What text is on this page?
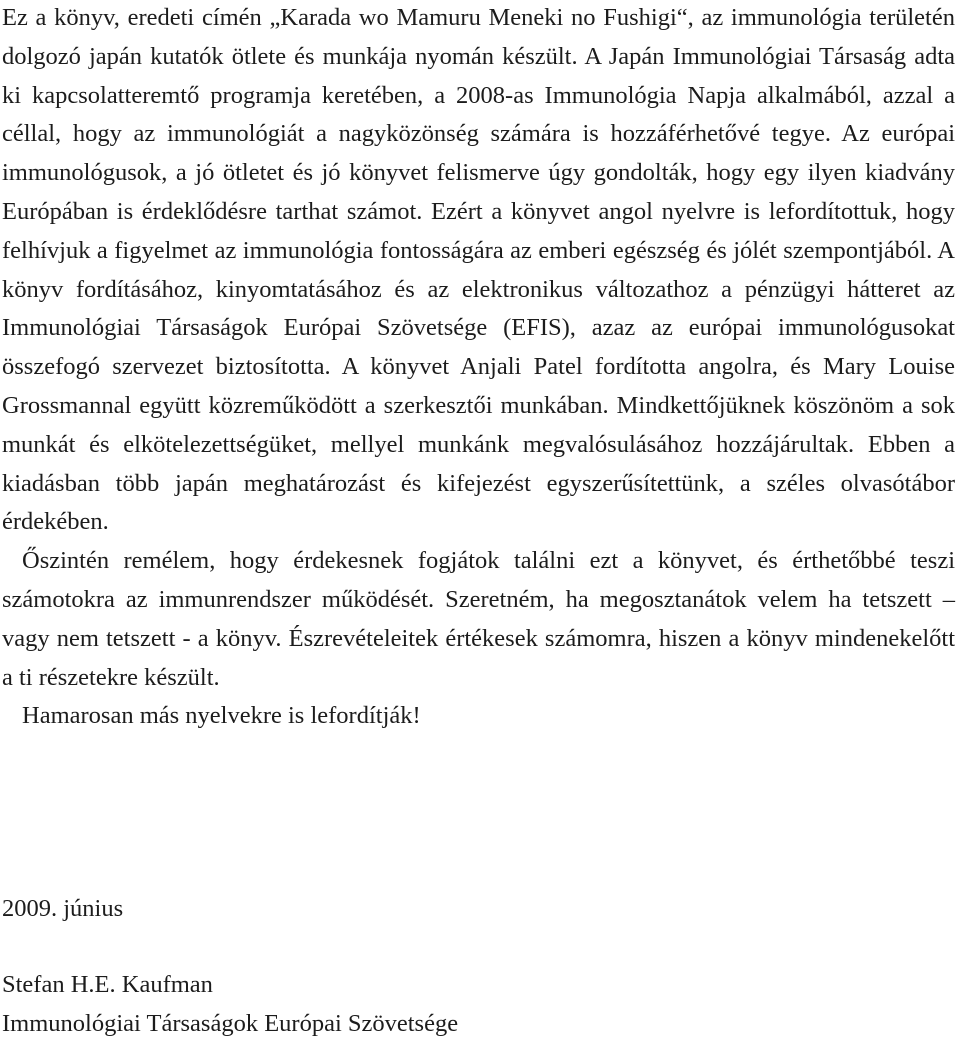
Ez a könyv, eredeti címén „Karada wo Mamuru Meneki no Fushigi“, az immunológia területén dolgozó japán kutatók ötlete és munkája nyomán készült. A Japán Immunológiai Társaság adta ki kapcsolatteremtő programja keretében, a 2008-as Immunológia Napja alkalmából, azzal a céllal, hogy az immunológiát a nagyközönség számára is hozzáférhetővé tegye. Az európai immunológusok, a jó ötletet és jó könyvet felismerve úgy gondolták, hogy egy ilyen kiadvány Európában is érdeklődésre tarthat számot. Ezért a könyvet angol nyelvre is lefordítottuk, hogy felhívjuk a figyelmet az immunológia fontosságára az emberi egészség és jólét szempontjából. A könyv fordításához, kinyomtatásához és az elektronikus változathoz a pénzügyi hátteret az Immunológiai Társaságok Európai Szövetsége (EFIS), azaz az európai immunológusokat összefogó szervezet biztosította. A könyvet Anjali Patel fordította angolra, és Mary Louise Grossmannal együtt közreműködött a szerkesztői munkában. Mindkettőjüknek köszönöm a sok munkát és elkötelezettségüket, mellyel munkánk megvalósulásához hozzájárultak. Ebben a kiadásban több japán meghatározást és kifejezést egyszerűsítettünk, a széles olvasótábor érdekében.

Őszintén remélem, hogy érdekesnek fogjátok találni ezt a könyvet, és érthetőbbé teszi számotokra az immunrendszer működését. Szeretném, ha megosztanátok velem ha tetszett – vagy nem tetszett - a könyv. Észrevételeitek értékesek számomra, hiszen a könyv mindenekelőtt a ti részetekre készült.

Hamarosan más nyelvekre is lefordítják!

2009. június

Stefan H.E. Kaufman
Immunológiai Társaságok Európai Szövetsége
